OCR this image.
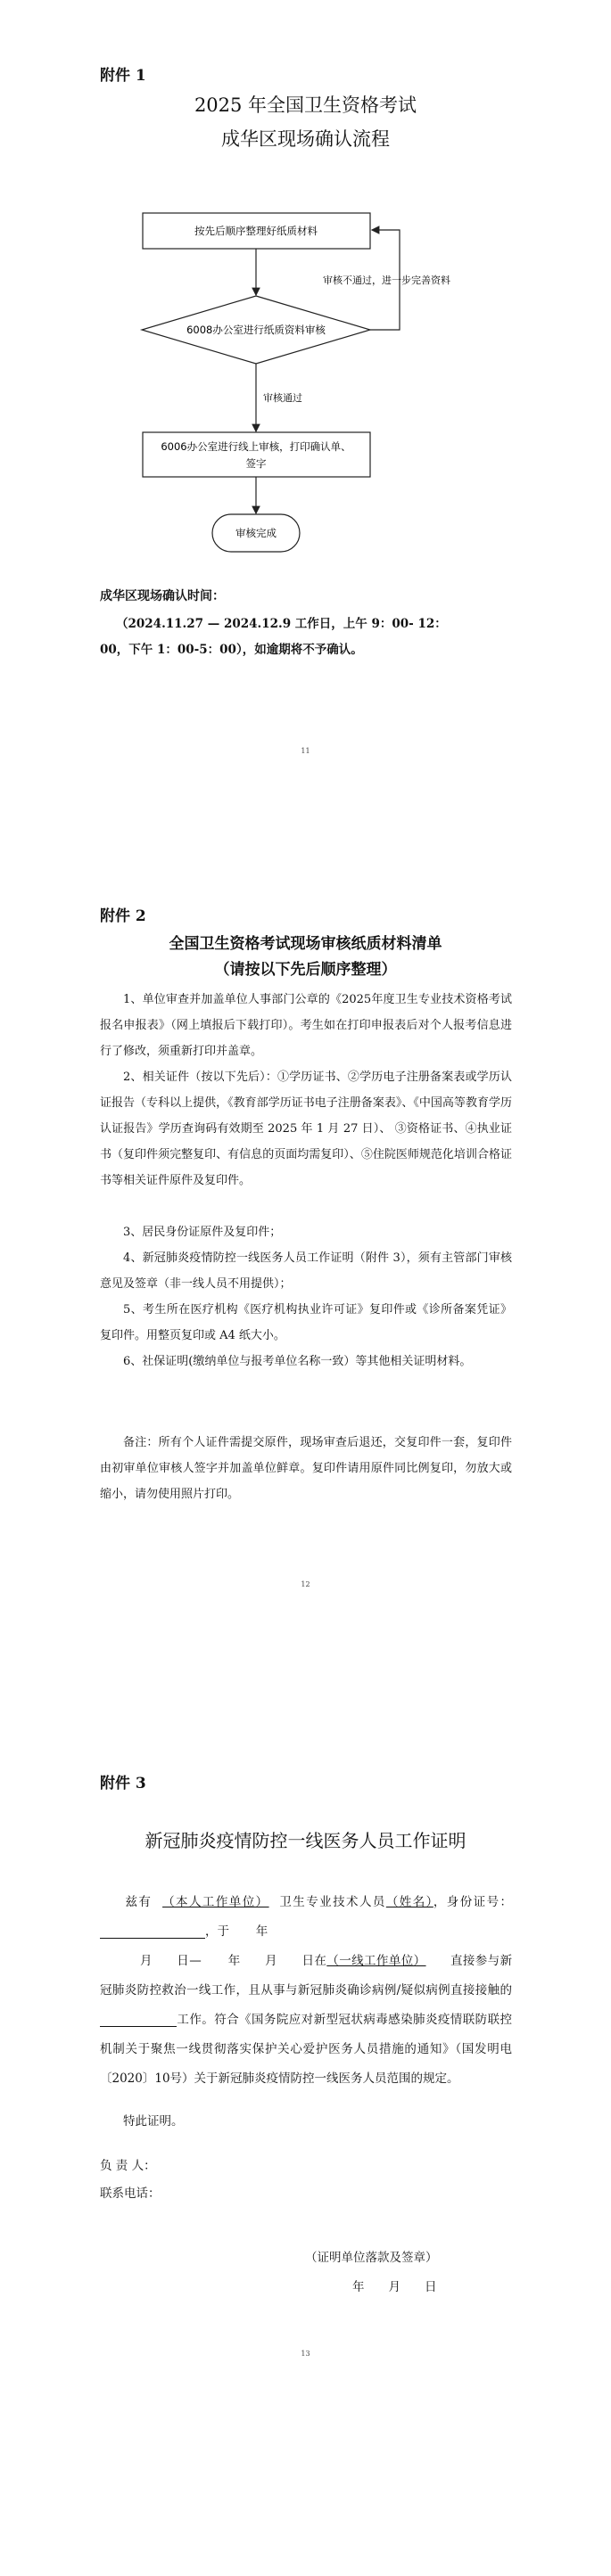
附件 1
2025 年全国卫生资格考试
成华区现场确认流程
按先后顺序整理好纸质材料
6008办公室进行纸质资料审核
审核不通过，进一步完善资料
审核通过
6006办公室进行线上审核，打印确认单、
签字
审核完成
成华区现场确认时间：
（2024.11.27 — 2024.12.9 工作日，上午 9：00- 12：
00，下午 1：00-5：00），如逾期将不予确认。
11
附件 2
全国卫生资格考试现场审核纸质材料清单
（请按以下先后顺序整理）
1、单位审查并加盖单位人事部门公章的《2025年度卫生专业技术资格考试报名申报表》（网上填报后下载打印）。考生如在打印申报表后对个人报考信息进行了修改，须重新打印并盖章。
2、相关证件（按以下先后）：①学历证书、②学历电子注册备案表或学历认证报告（专科以上提供，《教育部学历证书电子注册备案表》、《中国高等教育学历认证报告》学历查询码有效期至 2025 年 1 月 27 日）、 ③资格证书、④执业证书（复印件须完整复印、有信息的页面均需复印）、⑤住院医师规范化培训合格证书等相关证件原件及复印件。
3、居民身份证原件及复印件；
4、新冠肺炎疫情防控一线医务人员工作证明（附件 3），须有主管部门审核意见及签章（非一线人员不用提供）；
5、考生所在医疗机构《医疗机构执业许可证》复印件或《诊所备案凭证》复印件。用整页复印或 A4 纸大小。
6、社保证明(缴纳单位与报考单位名称一致）等其他相关证明材料。
备注：所有个人证件需提交原件，现场审查后退还，交复印件一套，复印件由初审单位审核人签字并加盖单位鲜章。复印件请用原件同比例复印，勿放大或缩小，请勿使用照片打印。
12
附件 3
新冠肺炎疫情防控一线医务人员工作证明
兹有 （本人工作单位） 卫生专业技术人员（姓名），身份证号：，于 年
月 日— 年 月 日在（一线工作单位） 直接参与新冠肺炎防控救治一线工作，且从事与新冠肺炎确诊病例/疑似病例直接接触的工作。符合《国务院应对新型冠状病毒感染肺炎疫情联防联控机制关于聚焦一线贯彻落实保护关心爱护医务人员措施的通知》（国发明电〔2020〕10号）关于新冠肺炎疫情防控一线医务人员范围的规定。
特此证明。
负 责 人：
联系电话：
（证明单位落款及签章）
年 月 日
13
